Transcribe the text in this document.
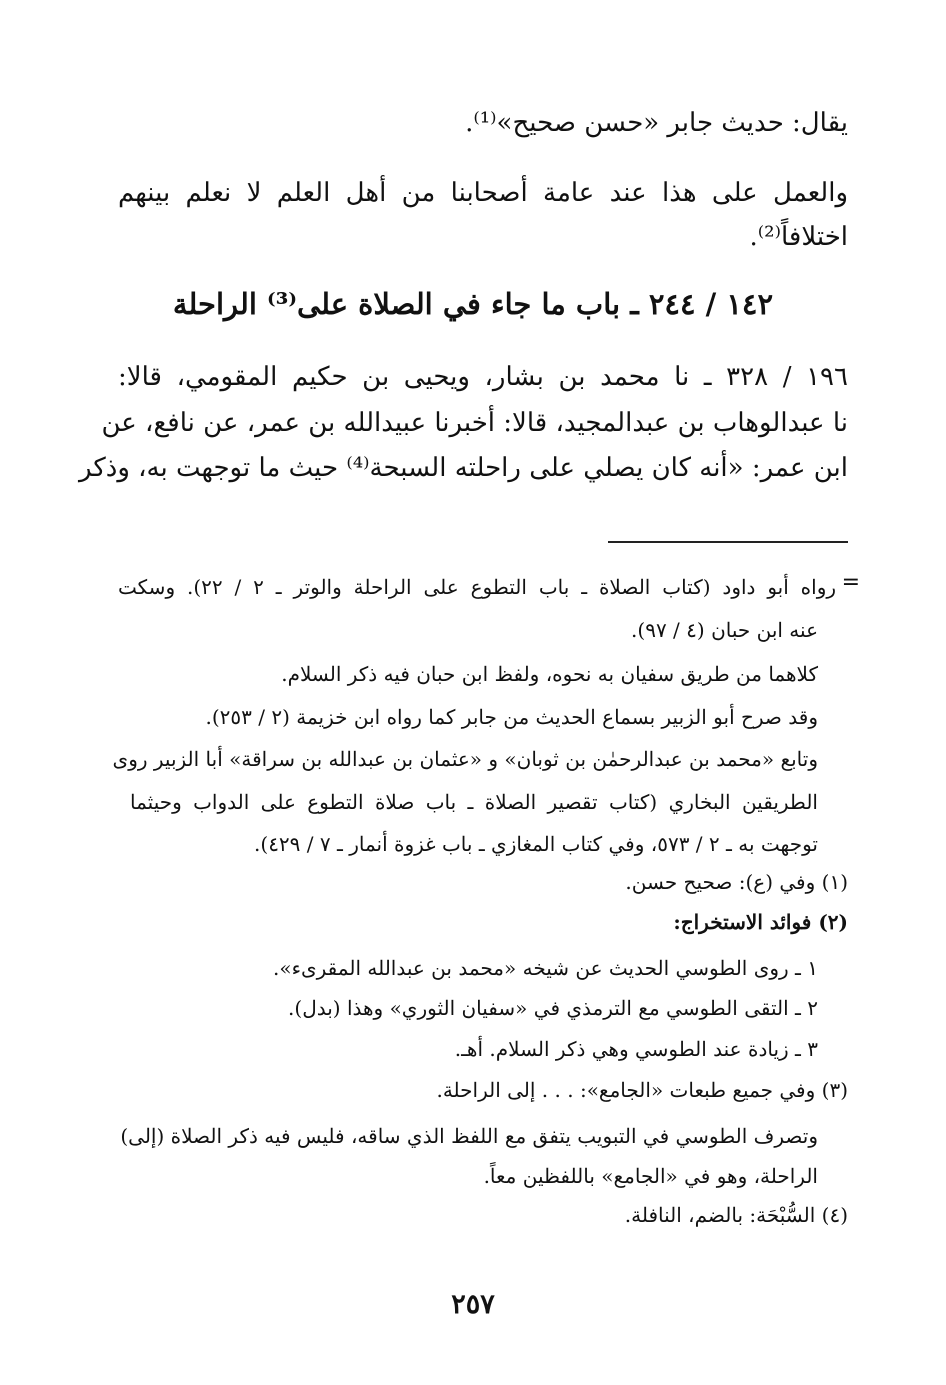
يقال: حديث جابر «حسن صحيح»⁽¹⁾.
والعمل على هذا عند عامة أصحابنا من أهل العلم لا نعلم بينهم
اختلافاً⁽²⁾.
١٤٢ / ٢٤٤ ـ باب ما جاء في الصلاة على⁽³⁾ الراحلة
١٩٦ / ٣٢٨ ـ نا محمد بن بشار، ويحيى بن حكيم المقومي، قالا:
نا عبدالوهاب بن عبدالمجيد، قالا: أخبرنا عبيدالله بن عمر، عن نافع، عن
ابن عمر: «أنه كان يصلي على راحلته السبحة⁽⁴⁾ حيث ما توجهت به، وذكر
=
رواه أبو داود (كتاب الصلاة ـ باب التطوع على الراحلة والوتر ـ ٢ / ٢٢). وسكت
عنه ابن حبان (٤ / ٩٧).
كلاهما من طريق سفيان به نحوه، ولفظ ابن حبان فيه ذكر السلام.
وقد صرح أبو الزبير بسماع الحديث من جابر كما رواه ابن خزيمة (٢ / ٢٥٣).
وتابع «محمد بن عبدالرحمٰن بن ثوبان» و «عثمان بن عبدالله بن سراقة» أبا الزبير روى
الطريقين البخاري (كتاب تقصير الصلاة ـ باب صلاة التطوع على الدواب وحيثما
توجهت به ـ ٢ / ٥٧٣، وفي كتاب المغازي ـ باب غزوة أنمار ـ ٧ / ٤٢٩).
(١) وفي (ع): صحيح حسن.
(٢) فوائد الاستخراج:
١ ـ روى الطوسي الحديث عن شيخه «محمد بن عبدالله المقرىء».
٢ ـ التقى الطوسي مع الترمذي في «سفيان الثوري» وهذا (بدل).
٣ ـ زيادة عند الطوسي وهي ذكر السلام. أهـ.
(٣) وفي جميع طبعات «الجامع»: . . . إلى الراحلة.
وتصرف الطوسي في التبويب يتفق مع اللفظ الذي ساقه، فليس فيه ذكر الصلاة (إلى)
الراحلة، وهو في «الجامع» باللفظين معاً.
(٤) السُّبْحَة: بالضم، النافلة.
٢٥٧
